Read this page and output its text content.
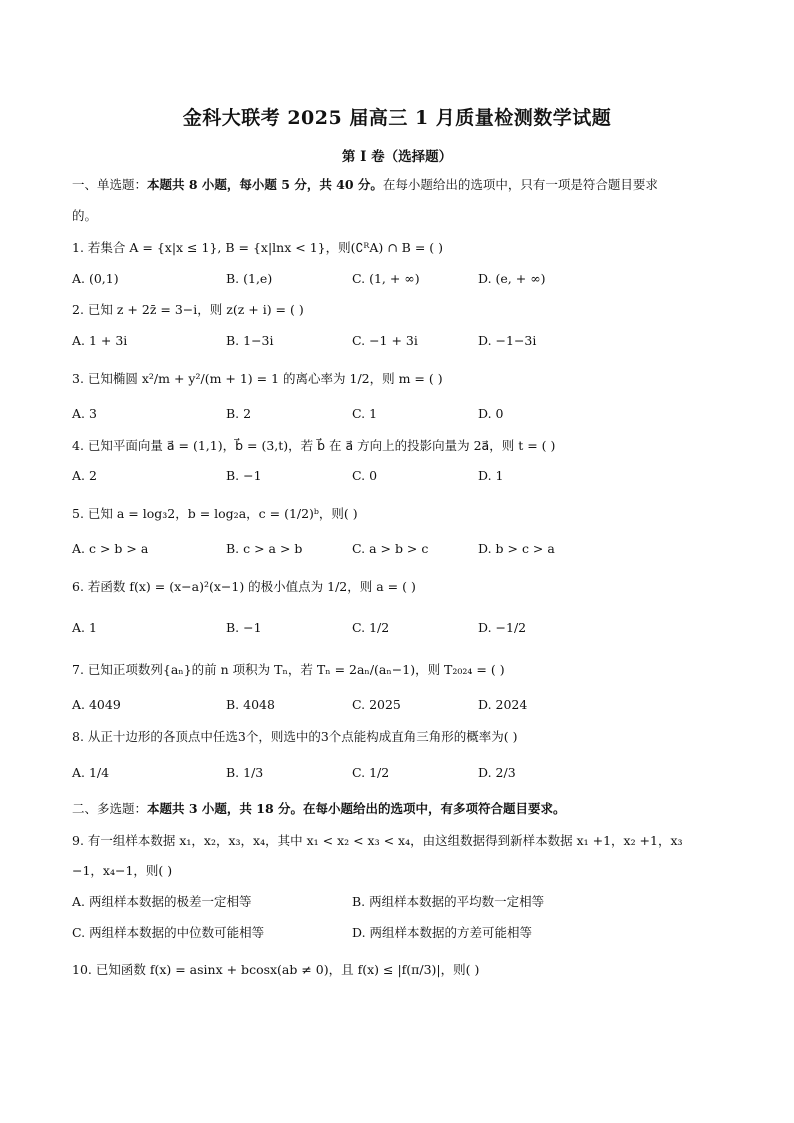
金科大联考 2025 届高三 1 月质量检测数学试题
第 I 卷（选择题）
一、单选题：本题共 8 小题，每小题 5 分，共 40 分。在每小题给出的选项中，只有一项是符合题目要求
的。
1. 若集合 A = {x|x ≤ 1}, B = {x|lnx < 1}，则(∁ᴿA) ∩ B = ( )
A. (0,1)	B. (1,e)	C. (1, + ∞)	D. (e, + ∞)
2. 已知 z + 2z̄ = 3−i，则 z(z + i) = ( )
A. 1 + 3i	B. 1−3i	C. −1 + 3i	D. −1−3i
3. 已知椭圆 x²/m + y²/(m + 1) = 1 的离心率为 1/2，则 m = ( )
A. 3	B. 2	C. 1	D. 0
4. 已知平面向量 a⃗ = (1,1)，b⃗ = (3,t)，若 b⃗ 在 a⃗ 方向上的投影向量为 2a⃗，则 t = ( )
A. 2	B. −1	C. 0	D. 1
5. 已知 a = log₃2，b = log₂a，c = (1/2)ᵇ，则( )
A. c > b > a	B. c > a > b	C. a > b > c	D. b > c > a
6. 若函数 f(x) = (x−a)²(x−1) 的极小值点为 1/2，则 a = ( )
A. 1	B. −1	C. 1/2	D. −1/2
7. 已知正项数列{aₙ}的前 n 项积为 Tₙ，若 Tₙ = 2aₙ/(aₙ−1)，则 T₂₀₂₄ = ( )
A. 4049	B. 4048	C. 2025	D. 2024
8. 从正十边形的各顶点中任选3个，则选中的3个点能构成直角三角形的概率为( )
A. 1/4	B. 1/3	C. 1/2	D. 2/3
二、多选题：本题共 3 小题，共 18 分。在每小题给出的选项中，有多项符合题目要求。
9. 有一组样本数据 x₁，x₂，x₃，x₄，其中 x₁ < x₂ < x₃ < x₄，由这组数据得到新样本数据 x₁ +1，x₂ +1，x₃
−1，x₄−1，则( )
A. 两组样本数据的极差一定相等	B. 两组样本数据的平均数一定相等
C. 两组样本数据的中位数可能相等	D. 两组样本数据的方差可能相等
10. 已知函数 f(x) = asinx + bcosx(ab ≠ 0)，且 f(x) ≤ |f(π/3)|，则( )
